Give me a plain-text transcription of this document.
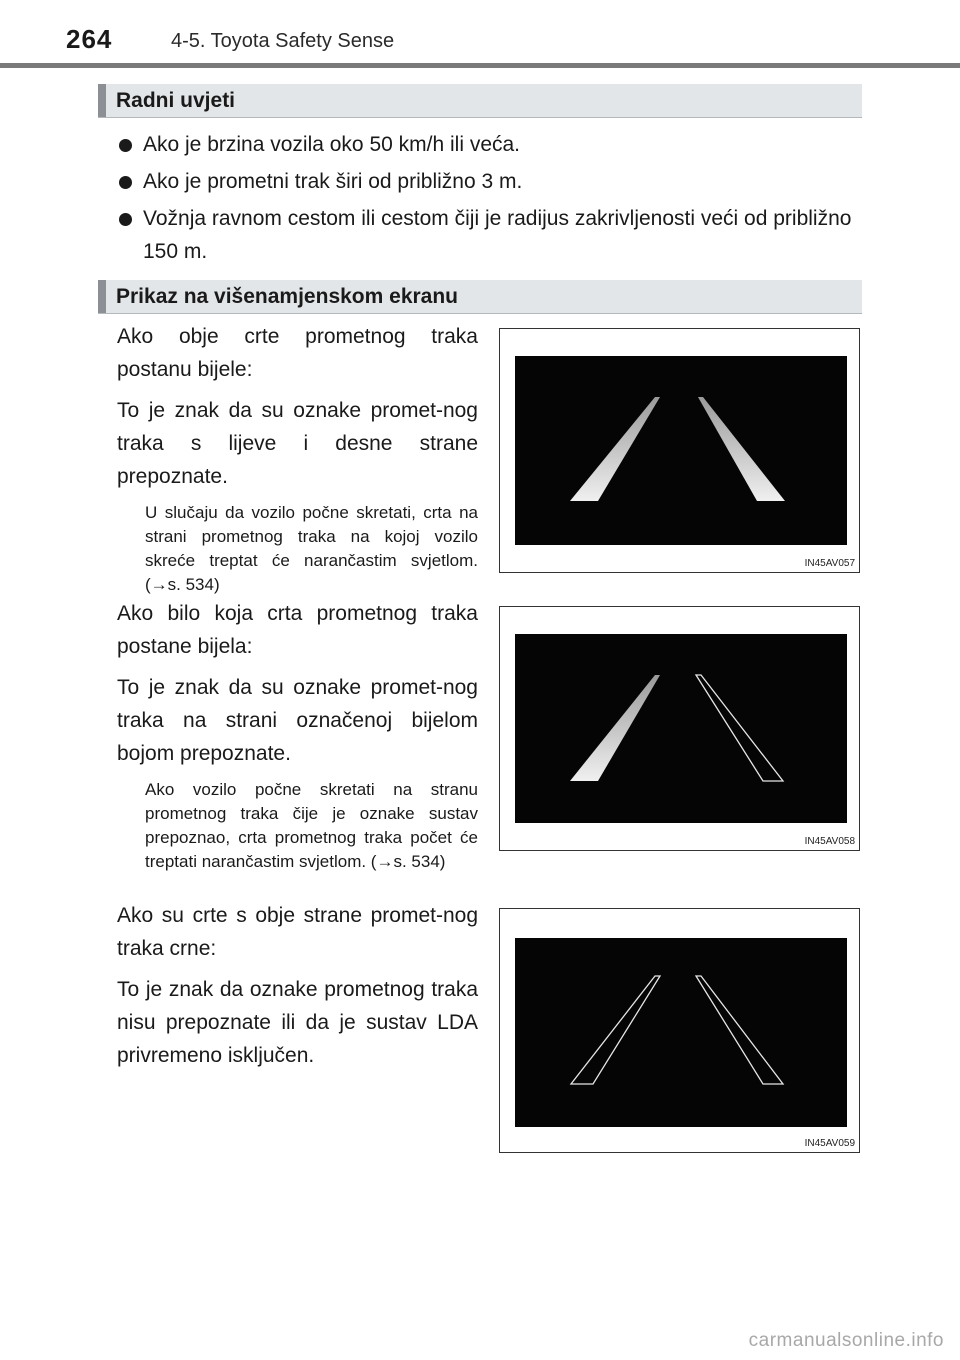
264	4-5. Toyota Safety Sense
Radni uvjeti
Ako je brzina vozila oko 50 km/h ili veća.
Ako je prometni trak širi od približno 3 m.
Vožnja ravnom cestom ili cestom čiji je radijus zakrivljenosti veći od približno 150 m.
Prikaz na višenamjenskom ekranu

Ako obje crte prometnog traka postanu bijele:

To je znak da su oznake promet-nog traka s lijeve i desne strane prepoznate.

U slučaju da vozilo počne skretati, crta na strani prometnog traka na kojoj vozilo skreće treptat će narančastim svjetlom. (→s. 534)

IN45AV057

Ako bilo koja crta prometnog traka postane bijela:

To je znak da su oznake promet-nog traka na strani označenoj bijelom bojom prepoznate.

Ako vozilo počne skretati na stranu prometnog traka čije je oznake sustav prepoznao, crta prometnog traka počet će treptati narančastim svjetlom. (→s. 534)

IN45AV058

Ako su crte s obje strane promet-nog traka crne:

To je znak da oznake prometnog traka nisu prepoznate ili da je sustav LDA privremeno isključen.

IN45AV059
carmanualsonline.info
